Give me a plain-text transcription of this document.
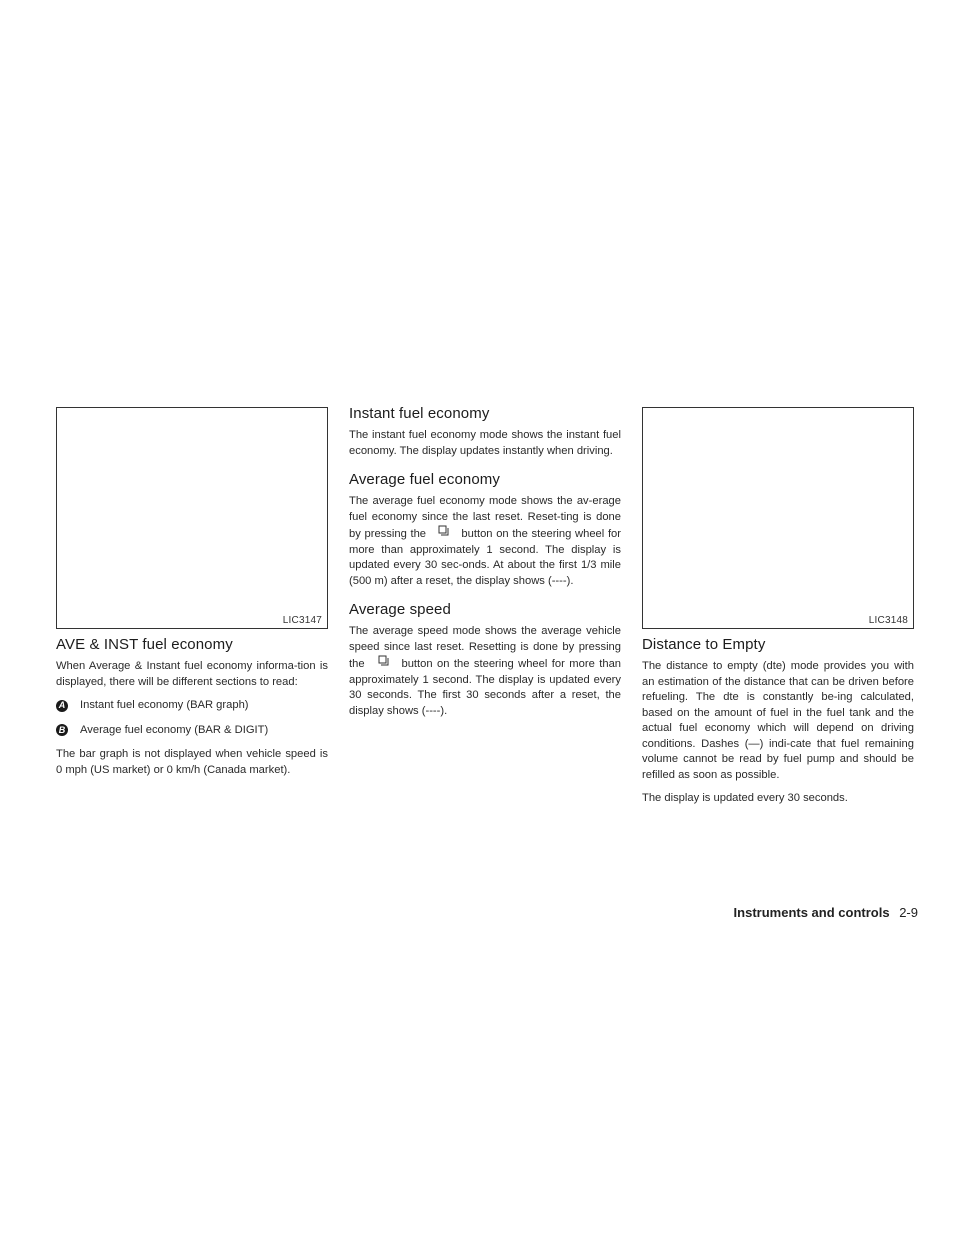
LIC3147	LIC3148
AVE & INST fuel economy

When Average & Instant fuel economy informa-tion is displayed, there will be different sections to read:

A Instant fuel economy (BAR graph)
B Average fuel economy (BAR & DIGIT)

The bar graph is not displayed when vehicle speed is 0 mph (US market) or 0 km/h (Canada market).

Instant fuel economy

The instant fuel economy mode shows the instant fuel economy. The display updates instantly when driving.

Average fuel economy

The average fuel economy mode shows the av-erage fuel economy since the last reset. Reset-ting is done by pressing the	button on the steering wheel for more than approximately 1 second. The display is updated every 30 sec-onds. At about the first 1/3 mile (500 m) after a reset, the display shows (----).

Average speed

The average speed mode shows the average vehicle speed since last reset. Resetting is done by pressing the	button on the steering wheel for more than approximately 1 second. The display is updated every 30 seconds. The first 30 seconds after a reset, the display shows (----).

Distance to Empty

The distance to empty (dte) mode provides you with an estimation of the distance that can be driven before refueling. The dte is constantly be-ing calculated, based on the amount of fuel in the fuel tank and the actual fuel economy which will depend on driving conditions. Dashes (—) indi-cate that fuel remaining volume cannot be read by fuel pump and should be refilled as soon as possible.

The display is updated every 30 seconds.

Instruments and controls 2-9
